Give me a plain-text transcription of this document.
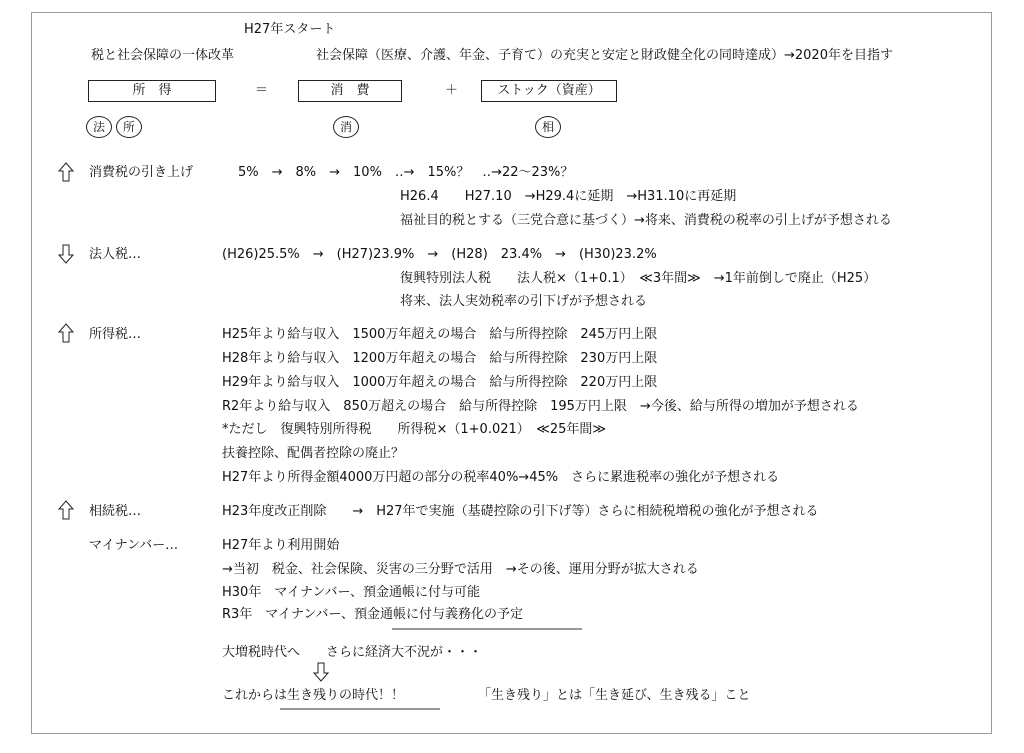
H27年スタート
税と社会保障の一体改革	社会保障（医療、介護、年金、子育て）の充実と安定と財政健全化の同時達成）→2020年を目指す
所　得	＝	消　費	＋	ストック（資産）
法	所	消	相
消費税の引き上げ	5%　→　8%　→　10%　‥→　15%？　‥→22～23%？
H26.4　　H27.10　→H29.4に延期　→H31.10に再延期
福祉目的税とする（三党合意に基づく）→将来、消費税の税率の引上げが予想される
法人税…	(H26)25.5%　→　(H27)23.9%　→　(H28)　23.4%　→　(H30)23.2%
復興特別法人税　　法人税×（1+0.1）　≪3年間≫　→1年前倒しで廃止（H25）
将来、法人実効税率の引下げが予想される
所得税…	H25年より給与収入　1500万年超えの場合　給与所得控除　245万円上限
H28年より給与収入　1200万年超えの場合　給与所得控除　230万円上限
H29年より給与収入　1000万年超えの場合　給与所得控除　220万円上限
R2年より給与収入　850万超えの場合　給与所得控除　195万円上限　→今後、給与所得の増加が予想される
*ただし　復興特別所得税　　所得税×（1+0.021）　≪25年間≫
扶養控除、配偶者控除の廃止？
H27年より所得金額4000万円超の部分の税率40%→45%　さらに累進税率の強化が予想される
相続税…	H23年度改正削除　　→　H27年で実施（基礎控除の引下げ等）さらに相続税増税の強化が予想される
マイナンバー…	H27年より利用開始
→当初　税金、社会保険、災害の三分野で活用　→その後、運用分野が拡大される
H30年　マイナンバー、預金通帳に付与可能
R3年　マイナンバー、預金通帳に付与義務化の予定
大増税時代へ　　さらに経済大不況が・・・
これからは生き残りの時代！！	「生き残り」とは「生き延び、生き残る」こと
